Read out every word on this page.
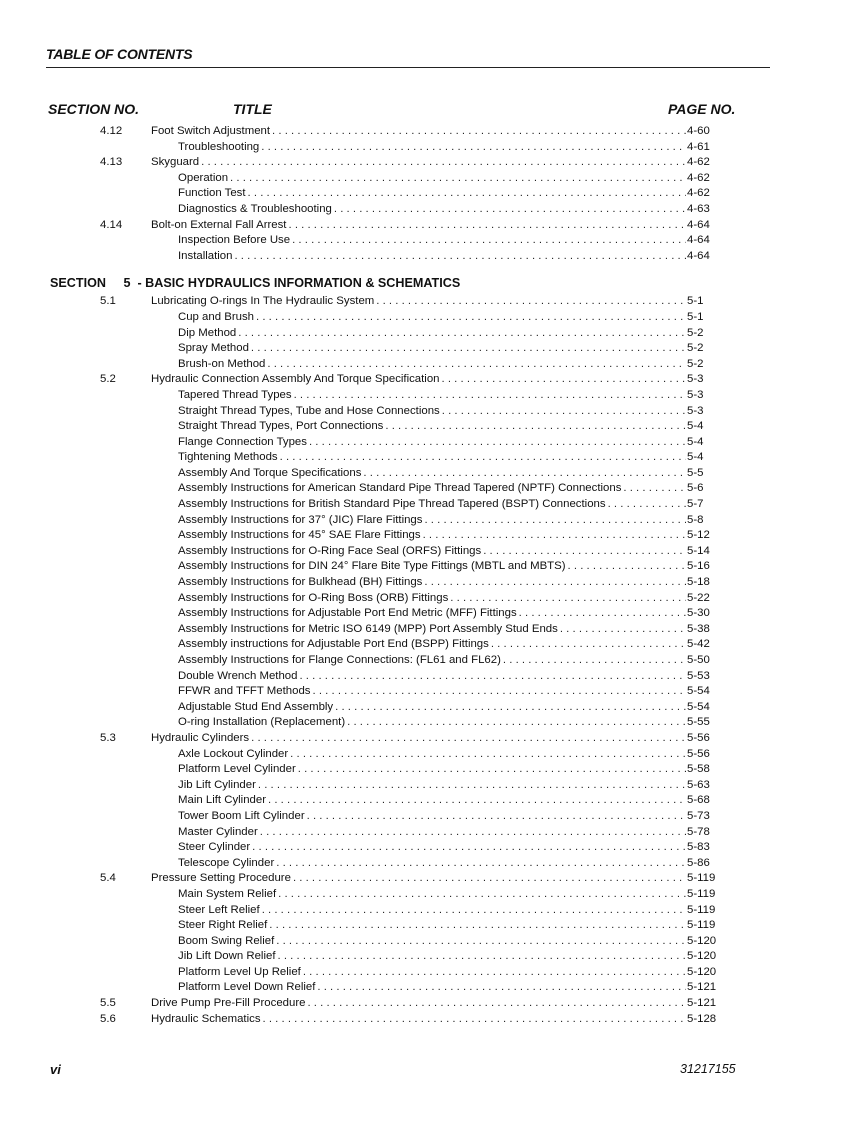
TABLE OF CONTENTS
SECTION NO.	TITLE	PAGE NO.
4.12	Foot Switch Adjustment . . .	4-60
Troubleshooting . . .	4-61
4.13	Skyguard . . .	4-62
Operation . . .	4-62
Function Test . . .	4-62
Diagnostics & Troubleshooting . . .	4-63
4.14	Bolt-on External Fall Arrest . . .	4-64
Inspection Before Use . . .	4-64
Installation . . .	4-64
SECTION     5  - BASIC HYDRAULICS INFORMATION & SCHEMATICS
5.1	Lubricating O-rings In The Hydraulic System . . .	5-1
Cup and Brush . . .	5-1
Dip Method . . .	5-2
Spray Method . . .	5-2
Brush-on Method . . .	5-2
5.2	Hydraulic Connection Assembly And Torque Specification . . .	5-3
Tapered Thread Types . . .	5-3
Straight Thread Types, Tube and Hose Connections . . .	5-3
Straight Thread Types, Port Connections . . .	5-4
Flange Connection Types . . .	5-4
Tightening Methods . . .	5-4
Assembly And Torque Specifications . . .	5-5
Assembly Instructions for American Standard Pipe Thread Tapered (NPTF) Connections . . .	5-6
Assembly Instructions for British Standard Pipe Thread Tapered (BSPT) Connections . . .	5-7
Assembly Instructions for 37° (JIC) Flare Fittings . . .	5-8
Assembly Instructions for 45° SAE Flare Fittings . . .	5-12
Assembly Instructions for O-Ring Face Seal (ORFS) Fittings . . .	5-14
Assembly Instructions for DIN 24° Flare Bite Type Fittings (MBTL and MBTS) . . .	5-16
Assembly Instructions for Bulkhead (BH) Fittings . . .	5-18
Assembly Instructions for O-Ring Boss (ORB) Fittings . . .	5-22
Assembly Instructions for Adjustable Port End Metric (MFF) Fittings . . .	5-30
Assembly Instructions for Metric ISO 6149 (MPP) Port Assembly Stud Ends . . .	5-38
Assembly instructions for Adjustable Port End (BSPP) Fittings . . .	5-42
Assembly Instructions for Flange Connections: (FL61 and FL62) . . .	5-50
Double Wrench Method . . .	5-53
FFWR and TFFT Methods . . .	5-54
Adjustable Stud End Assembly . . .	5-54
O-ring Installation (Replacement) . . .	5-55
5.3	Hydraulic Cylinders . . .	5-56
Axle Lockout Cylinder . . .	5-56
Platform Level Cylinder . . .	5-58
Jib Lift Cylinder . . .	5-63
Main Lift Cylinder . . .	5-68
Tower Boom Lift Cylinder . . .	5-73
Master Cylinder . . .	5-78
Steer Cylinder . . .	5-83
Telescope Cylinder . . .	5-86
5.4	Pressure Setting Procedure . . .	5-119
Main System Relief . . .	5-119
Steer Left Relief . . .	5-119
Steer Right Relief . . .	5-119
Boom Swing Relief . . .	5-120
Jib Lift Down Relief . . .	5-120
Platform Level Up Relief . . .	5-120
Platform Level Down Relief . . .	5-121
5.5	Drive Pump Pre-Fill Procedure . . .	5-121
5.6	Hydraulic Schematics . . .	5-128
vi	31217155
